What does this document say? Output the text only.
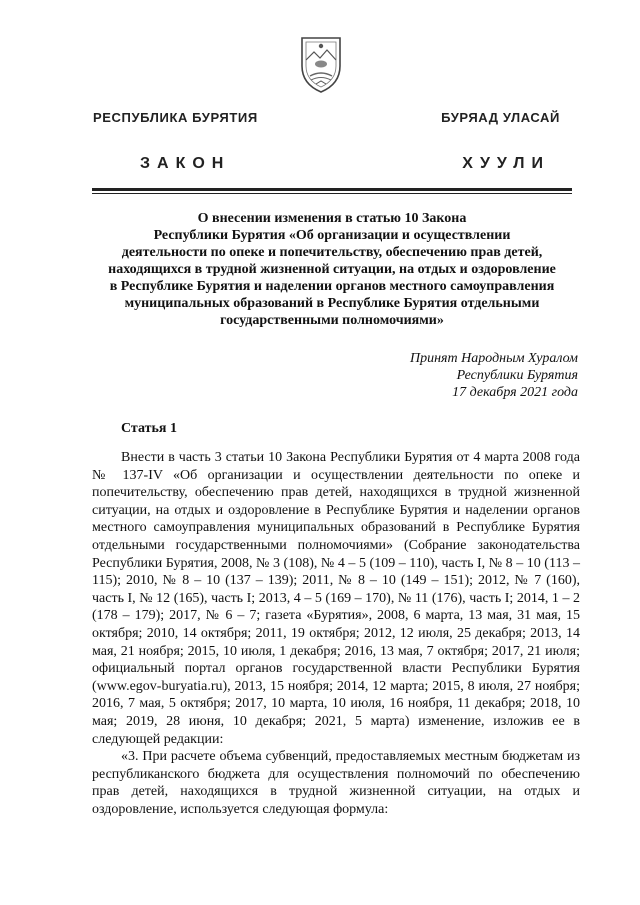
РЕСПУБЛИКА БУРЯТИЯ	БУРЯАД УЛАСАЙ
ЗАКОН	ХУУЛИ
О внесении изменения в статью 10 Закона
Республики Бурятия «Об организации и осуществлении
деятельности по опеке и попечительству, обеспечению прав детей,
находящихся в трудной жизненной ситуации, на отдых и оздоровление
в Республике Бурятия и наделении органов местного самоуправления
муниципальных образований в Республике Бурятия отдельными
государственными полномочиями»
Принят Народным Хуралом
Республики Бурятия
17 декабря 2021 года
Статья 1

Внести в часть 3 статьи 10 Закона Республики Бурятия от 4 марта 2008 года № 137-IV «Об организации и осуществлении деятельности по опеке и попечительству, обеспечению прав детей, находящихся в трудной жизненной ситуации, на отдых и оздоровление в Республике Бурятия и наделении органов местного самоуправления муниципальных образований в Республике Бурятия отдельными государственными полномочиями» (Собрание законодательства Республики Бурятия, 2008, № 3 (108), № 4 – 5 (109 – 110), часть I, № 8 – 10 (113 – 115); 2010, № 8 – 10 (137 – 139); 2011, № 8 – 10 (149 – 151); 2012, № 7 (160), часть I, № 12 (165), часть I; 2013, 4 – 5 (169 – 170), № 11 (176), часть I; 2014, 1 – 2 (178 – 179); 2017, № 6 – 7; газета «Бурятия», 2008, 6 марта, 13 мая, 31 мая, 15 октября; 2010, 14 октября; 2011, 19 октября; 2012, 12 июля, 25 декабря; 2013, 14 мая, 21 ноября; 2015, 10 июля, 1 декабря; 2016, 13 мая, 7 октября; 2017, 21 июля; официальный портал органов государственной власти Республики Бурятия (www.egov-buryatia.ru), 2013, 15 ноября; 2014, 12 марта; 2015, 8 июля, 27 ноября; 2016, 7 мая, 5 октября; 2017, 10 марта, 10 июля, 16 ноября, 11 декабря; 2018, 10 мая; 2019, 28 июня, 10 декабря; 2021, 5 марта) изменение, изложив ее в следующей редакции:

«3. При расчете объема субвенций, предоставляемых местным бюджетам из республиканского бюджета для осуществления полномочий по обеспечению прав детей, находящихся в трудной жизненной ситуации, на отдых и оздоровление, используется следующая формула:
